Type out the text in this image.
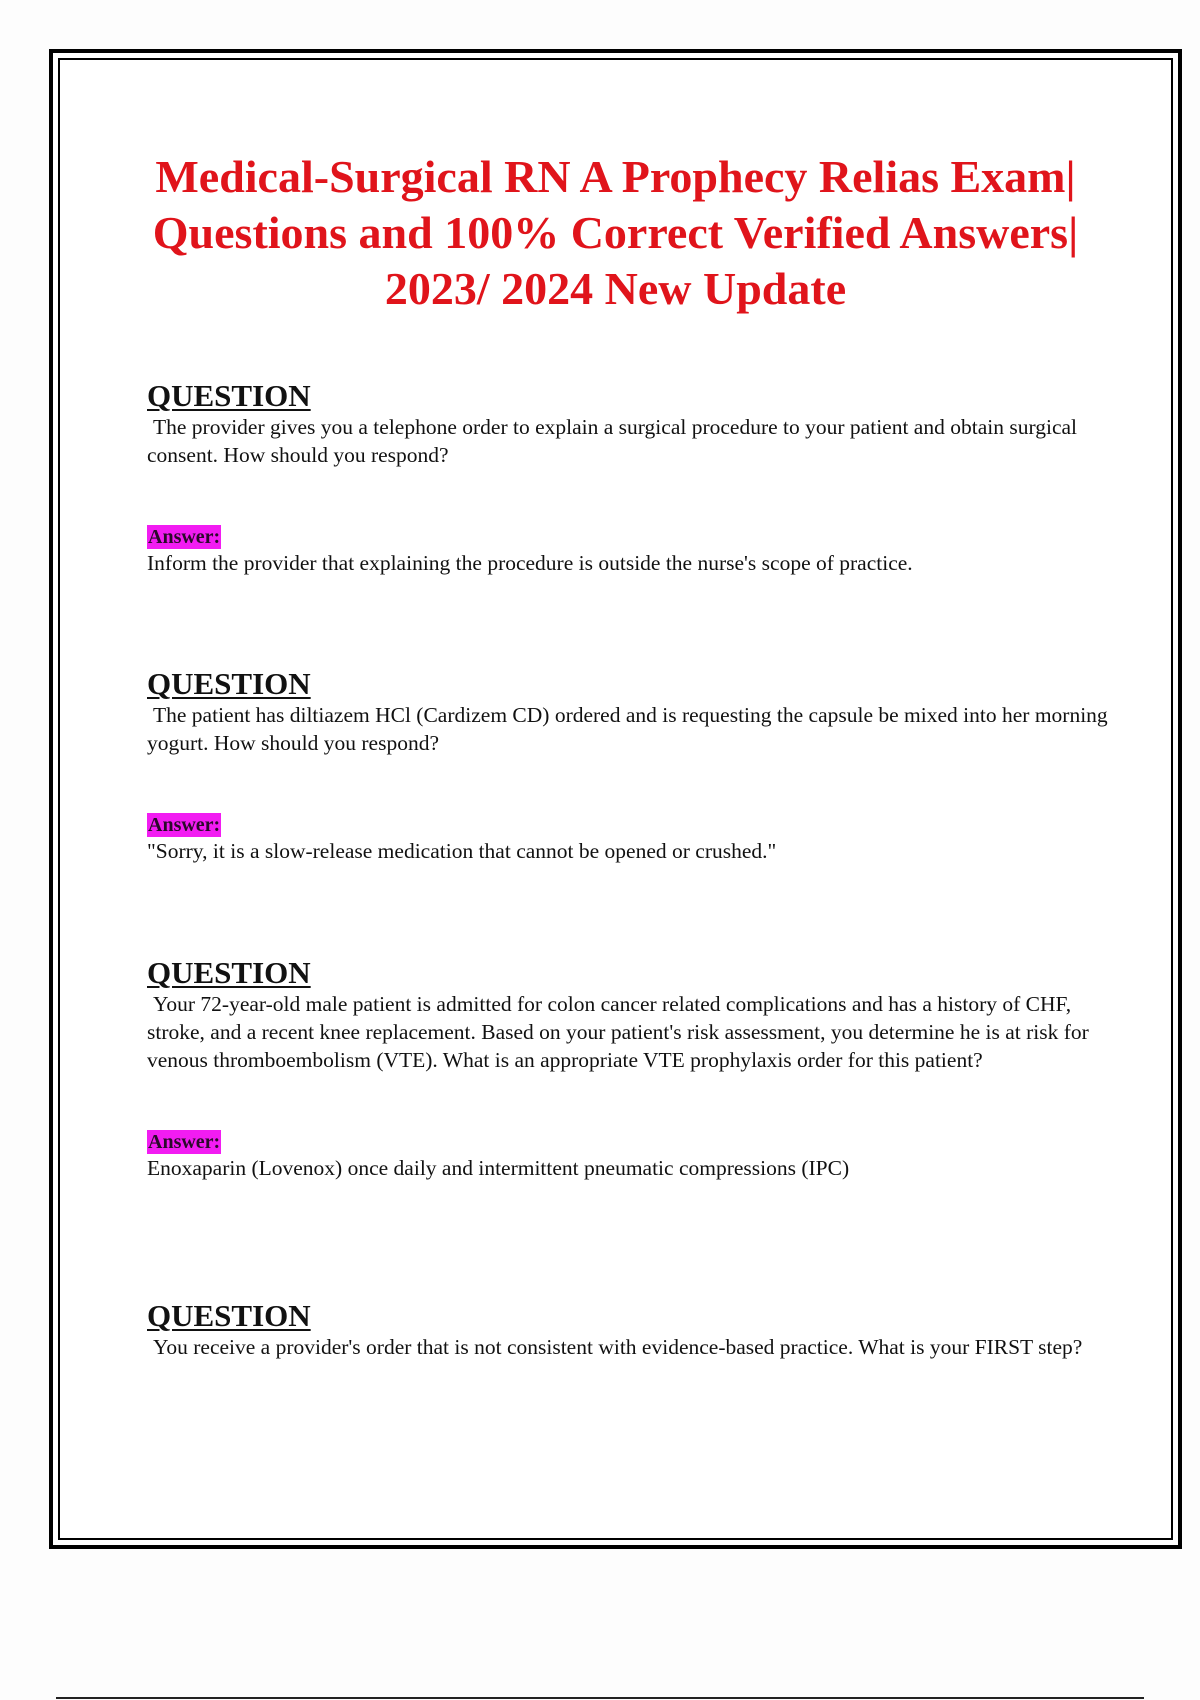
Medical-Surgical RN A Prophecy Relias Exam| Questions and 100% Correct Verified Answers| 2023/ 2024 New Update
QUESTION

The provider gives you a telephone order to explain a surgical procedure to your patient and obtain surgical consent. How should you respond?

Answer:

Inform the provider that explaining the procedure is outside the nurse's scope of practice.

QUESTION

The patient has diltiazem HCl (Cardizem CD) ordered and is requesting the capsule be mixed into her morning yogurt. How should you respond?

Answer:

"Sorry, it is a slow-release medication that cannot be opened or crushed."

QUESTION

Your 72-year-old male patient is admitted for colon cancer related complications and has a history of CHF, stroke, and a recent knee replacement. Based on your patient's risk assessment, you determine he is at risk for venous thromboembolism (VTE). What is an appropriate VTE prophylaxis order for this patient?

Answer:

Enoxaparin (Lovenox) once daily and intermittent pneumatic compressions (IPC)

QUESTION

You receive a provider's order that is not consistent with evidence-based practice. What is your FIRST step?
